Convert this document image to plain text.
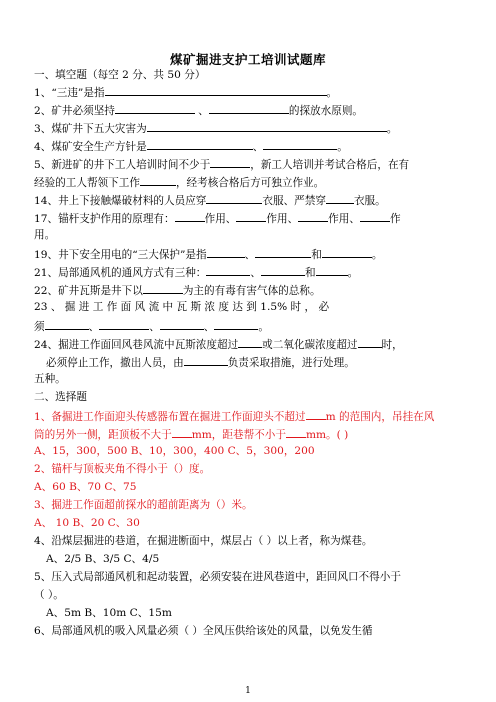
煤矿掘进支护工培训试题库
一、填空题（每空 2 分、共 50 分）
1、“三违”是指	。
2、矿井必须坚持	、	的探放水原则。
3、煤矿井下五大灾害为	。
4、煤矿安全生产方针是	、	。
5、新进矿的井下工人培训时间不少于	，新工人培训并考试合格后，在有
经验的工人帮领下工作	，经考核合格后方可独立作业。
14、井上下接触爆破材料的人员应穿	衣服、严禁穿	衣服。
17、锚杆支护作用的原理有：	作用、	作用、	作用、	作
用。
19、井下安全用电的“三大保护”是指	、	和	。
21、局部通风机的通风方式有三种：	、	和	。
22、矿井瓦斯是井下以	为主的有毒有害气体的总称。
23 、 掘 进 工 作 面 风 流 中 瓦 斯 浓 度 达 到 1.5% 时 ， 必
须	、	、	、	。
24、掘进工作面回风巷风流中瓦斯浓度超过 或二氧化碳浓度超过 时，
必须停止工作，撤出人员，由	负责采取措施，进行处理。
五种。
二、选择题
1、备掘进工作面迎头传感器布置在掘进工作面迎头不超过 m 的范围内，吊挂在风
筒的另外一侧，距顶板不大于 mm，距巷帮不小于 mm。( )
A、15，300，500 B、10，300，400 C、5，300，200
2、锚杆与顶板夹角不得小于（）度。
A、60 B、70 C、75
3、掘进工作面超前探水的超前距离为（）米。
A、 10 B、20 C、30
4、沿煤层掘进的巷道，在掘进断面中，煤层占（ ）以上者，称为煤巷。
A、2/5 B、3/5 C、4/5
5、压入式局部通风机和起动装置，必须安装在进风巷道中，距回风口不得小于
（ ）。
A、5m B、10m C、15m
6、局部通风机的吸入风量必须（ ）全风压供给该处的风量，以免发生循
1
